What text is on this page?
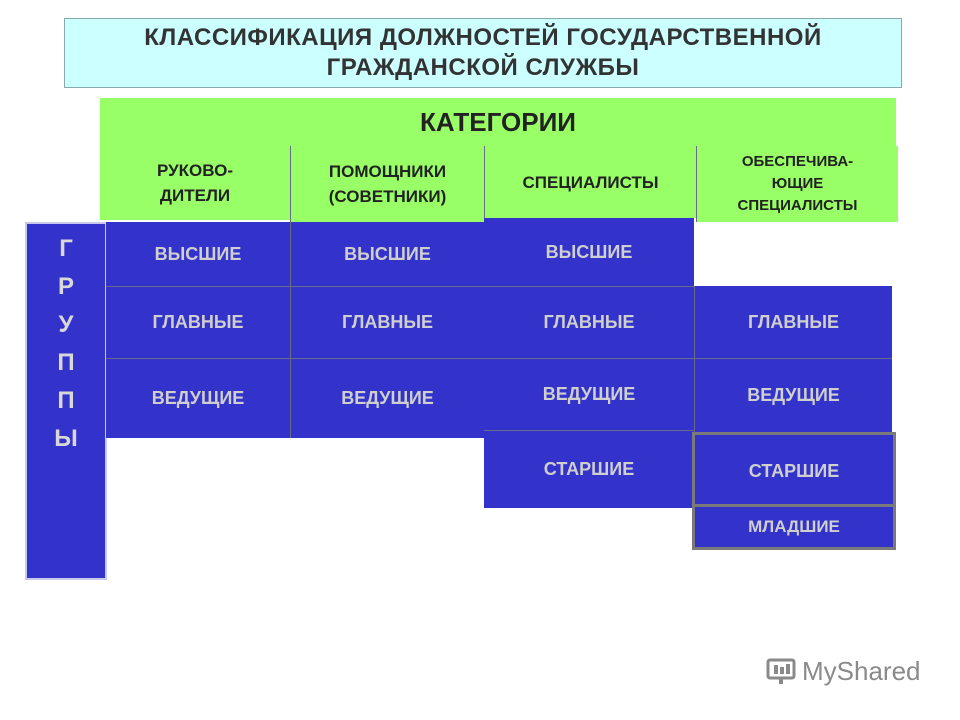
КЛАССИФИКАЦИЯ ДОЛЖНОСТЕЙ ГОСУДАРСТВЕННОЙ ГРАЖДАНСКОЙ СЛУЖБЫ
КАТЕГОРИИ
РУКОВО-
ДИТЕЛИ
ПОМОЩНИКИ
(СОВЕТНИКИ)
СПЕЦИАЛИСТЫ
ОБЕСПЕЧИВА-
ЮЩИЕ
СПЕЦИАЛИСТЫ
Г
Р
У
П
П
Ы
ВЫСШИЕ
ГЛАВНЫЕ
ВЕДУЩИЕ
ВЫСШИЕ
ГЛАВНЫЕ
ВЕДУЩИЕ
ВЫСШИЕ
ГЛАВНЫЕ
ВЕДУЩИЕ
СТАРШИЕ
ГЛАВНЫЕ
ВЕДУЩИЕ
СТАРШИЕ
МЛАДШИЕ
MyShared
